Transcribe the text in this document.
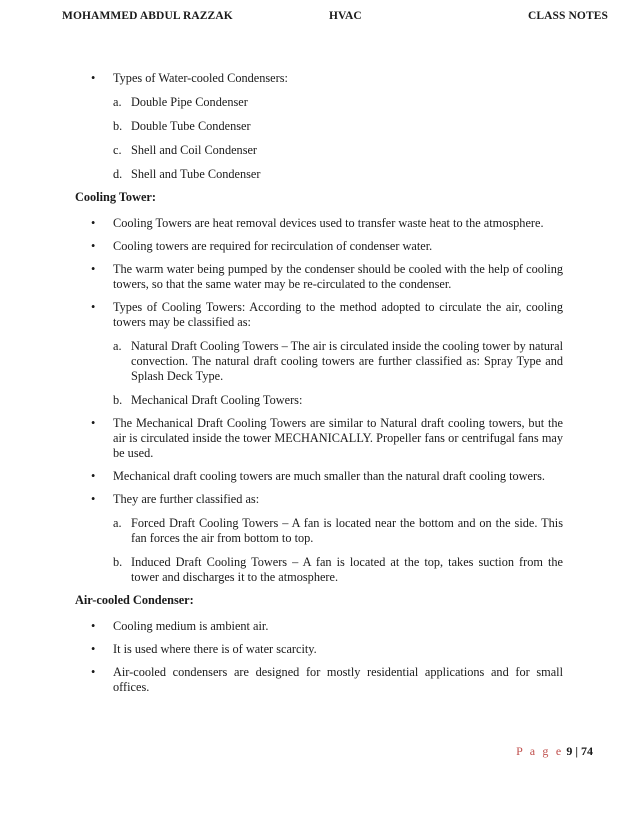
MOHAMMED ABDUL RAZZAK	HVAC	CLASS NOTES
• Types of Water-cooled Condensers:
a. Double Pipe Condenser
b. Double Tube Condenser
c. Shell and Coil Condenser
d. Shell and Tube Condenser
Cooling Tower:
• Cooling Towers are heat removal devices used to transfer waste heat to the atmosphere.
• Cooling towers are required for recirculation of condenser water.
• The warm water being pumped by the condenser should be cooled with the help of cooling towers, so that the same water may be re-circulated to the condenser.
• Types of Cooling Towers: According to the method adopted to circulate the air, cooling towers may be classified as:
a. Natural Draft Cooling Towers – The air is circulated inside the cooling tower by natural convection. The natural draft cooling towers are further classified as: Spray Type and Splash Deck Type.
b. Mechanical Draft Cooling Towers:
• The Mechanical Draft Cooling Towers are similar to Natural draft cooling towers, but the air is circulated inside the tower MECHANICALLY. Propeller fans or centrifugal fans may be used.
• Mechanical draft cooling towers are much smaller than the natural draft cooling towers.
• They are further classified as:
a. Forced Draft Cooling Towers – A fan is located near the bottom and on the side. This fan forces the air from bottom to top.
b. Induced Draft Cooling Towers – A fan is located at the top, takes suction from the tower and discharges it to the atmosphere.
Air-cooled Condenser:
• Cooling medium is ambient air.
• It is used where there is of water scarcity.
• Air-cooled condensers are designed for mostly residential applications and for small offices.
P a g e 9 | 74
